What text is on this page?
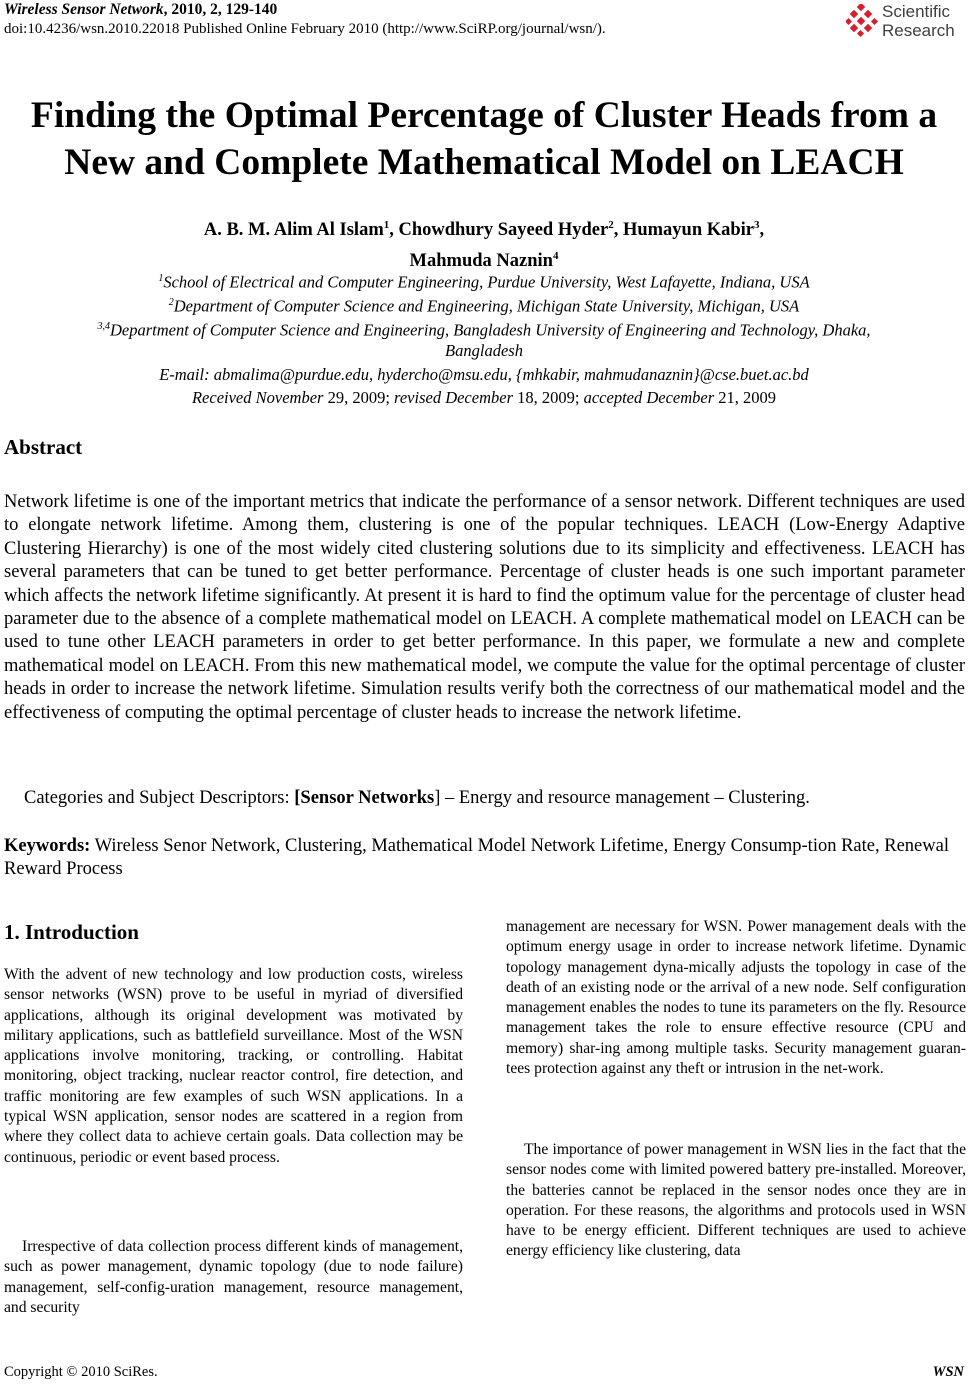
Wireless Sensor Network, 2010, 2, 129-140
doi:10.4236/wsn.2010.22018 Published Online February 2010 (http://www.SciRP.org/journal/wsn/).
Scientific
Research
Finding the Optimal Percentage of Cluster Heads from a
New and Complete Mathematical Model on LEACH
A. B. M. Alim Al Islam$^1$, Chowdhury Sayeed Hyder$^2$, Humayun Kabir$^3$,
Mahmuda Naznin$^4$
$^1$School of Electrical and Computer Engineering, Purdue University, West Lafayette, Indiana, USA
$^2$Department of Computer Science and Engineering, Michigan State University, Michigan, USA
$^{3,4}$Department of Computer Science and Engineering, Bangladesh University of Engineering and Technology, Dhaka,
Bangladesh
E-mail: abmalima@purdue.edu, hydercho@msu.edu, {mhkabir, mahmudanaznin}@cse.buet.ac.bd
Received November 29, 2009; revised December 18, 2009; accepted December 21, 2009
Abstract

Network lifetime is one of the important metrics that indicate the performance of a sensor network. Different techniques are used to elongate network lifetime. Among them, clustering is one of the popular techniques. LEACH (Low-Energy Adaptive Clustering Hierarchy) is one of the most widely cited clustering solutions due to its simplicity and effectiveness. LEACH has several parameters that can be tuned to get better performance. Percentage of cluster heads is one such important parameter which affects the network lifetime significantly. At present it is hard to find the optimum value for the percentage of cluster head parameter due to the absence of a complete mathematical model on LEACH. A complete mathematical model on LEACH can be used to tune other LEACH parameters in order to get better performance. In this paper, we formulate a new and complete mathematical model on LEACH. From this new mathematical model, we compute the value for the optimal percentage of cluster heads in order to increase the network lifetime. Simulation results verify both the correctness of our mathematical model and the effectiveness of computing the optimal percentage of cluster heads to increase the network lifetime.

Categories and Subject Descriptors: [Sensor Networks] – Energy and resource management – Clustering.

Keywords: Wireless Senor Network, Clustering, Mathematical Model Network Lifetime, Energy Consump-tion Rate, Renewal Reward Process

1. Introduction

With the advent of new technology and low production costs, wireless sensor networks (WSN) prove to be useful in myriad of diversified applications, although its original development was motivated by military applications, such as battlefield surveillance. Most of the WSN applications involve monitoring, tracking, or controlling. Habitat monitoring, object tracking, nuclear reactor control, fire detection, and traffic monitoring are few examples of such WSN applications. In a typical WSN application, sensor nodes are scattered in a region from where they collect data to achieve certain goals. Data collection may be continuous, periodic or event based process.

Irrespective of data collection process different kinds of management, such as power management, dynamic topology (due to node failure) management, self-config-uration management, resource management, and security

management are necessary for WSN. Power management deals with the optimum energy usage in order to increase network lifetime. Dynamic topology management dyna-mically adjusts the topology in case of the death of an existing node or the arrival of a new node. Self configuration management enables the nodes to tune its parameters on the fly. Resource management takes the role to ensure effective resource (CPU and memory) shar-ing among multiple tasks. Security management guaran-tees protection against any theft or intrusion in the net-work.

The importance of power management in WSN lies in the fact that the sensor nodes come with limited powered battery pre-installed. Moreover, the batteries cannot be replaced in the sensor nodes once they are in operation. For these reasons, the algorithms and protocols used in WSN have to be energy efficient. Different techniques are used to achieve energy efficiency like clustering, data

Copyright © 2010 SciRes.	WSN
